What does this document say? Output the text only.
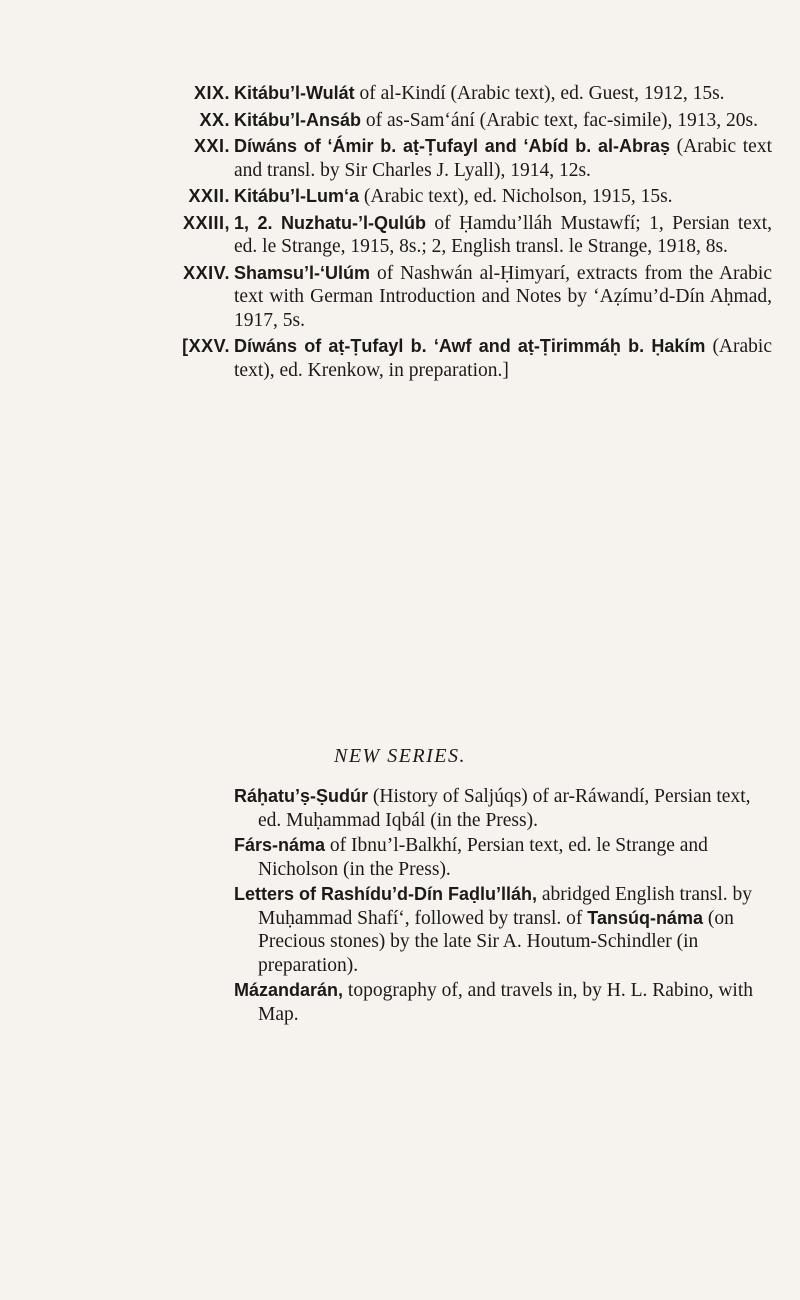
XIX. Kitábu’l-Wulát of al-Kindí (Arabic text), ed. Guest, 1912, 15s.
XX. Kitábu’l-Ansáb of as-Sam‘ání (Arabic text, fac-simile), 1913, 20s.
XXI. Díwáns of ‘Ámir b. aṭ-Ṭufayl and ‘Abíd b. al-Abraṣ (Arabic text and transl. by Sir Charles J. Lyall), 1914, 12s.
XXII. Kitábu’l-Lum‘a (Arabic text), ed. Nicholson, 1915, 15s.
XXIII, 1, 2. Nuzhatu-’l-Qulúb of Ḥamdu’lláh Mustawfí; 1, Persian text, ed. le Strange, 1915, 8s.; 2, English transl. le Strange, 1918, 8s.
XXIV. Shamsu’l-‘Ulúm of Nashwán al-Ḥimyarí, extracts from the Arabic text with German Introduction and Notes by ‘Aẓímu’d-Dín Aḥmad, 1917, 5s.
[XXV. Díwáns of aṭ-Ṭufayl b. ‘Awf and aṭ-Ṭirimmáḥ b. Ḥakím (Arabic text), ed. Krenkow, in preparation.]
NEW SERIES.
Ráḥatu’ṣ-Ṣudúr (History of Saljúqs) of ar-Ráwandí, Persian text, ed. Muḥammad Iqbál (in the Press).
Fárs-náma of Ibnu’l-Balkhí, Persian text, ed. le Strange and Nicholson (in the Press).
Letters of Rashídu’d-Dín Faḍlu’lláh, abridged English transl. by Muḥammad Shafí‘, followed by transl. of Tansúq-náma (on Precious stones) by the late Sir A. Houtum-Schindler (in preparation).
Mázandarán, topography of, and travels in, by H. L. Rabino, with Map.
